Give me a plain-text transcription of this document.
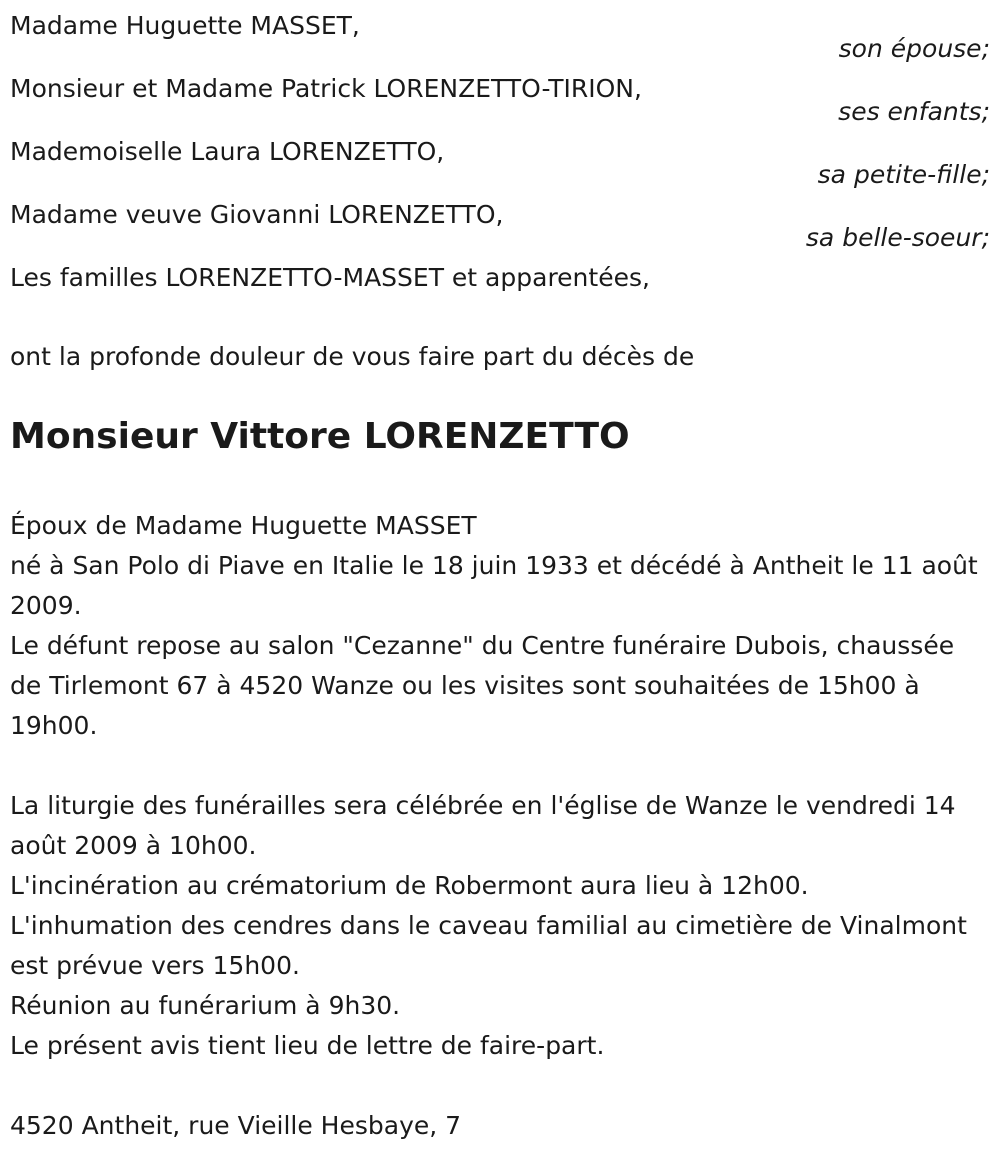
Madame Huguette MASSET,
son épouse;
Monsieur et Madame Patrick LORENZETTO-TIRION,
ses enfants;
Mademoiselle Laura LORENZETTO,
sa petite-fille;
Madame veuve Giovanni LORENZETTO,
sa belle-soeur;
Les familles LORENZETTO-MASSET et apparentées,
ont la profonde douleur de vous faire part du décès de
Monsieur Vittore LORENZETTO

Époux de Madame Huguette MASSET

né à San Polo di Piave en Italie le 18 juin 1933 et décédé à Antheit le 11 août 2009.

Le défunt repose au salon "Cezanne" du Centre funéraire Dubois, chaussée de Tirlemont 67 à 4520 Wanze ou les visites sont souhaitées de 15h00 à 19h00.

La liturgie des funérailles sera célébrée en l'église de Wanze le vendredi 14 août 2009 à 10h00.

L'incinération au crématorium de Robermont aura lieu à 12h00.

L'inhumation des cendres dans le caveau familial au cimetière de Vinalmont est prévue vers 15h00.

Réunion au funérarium à 9h30.

Le présent avis tient lieu de lettre de faire-part.

4520 Antheit, rue Vieille Hesbaye, 7
